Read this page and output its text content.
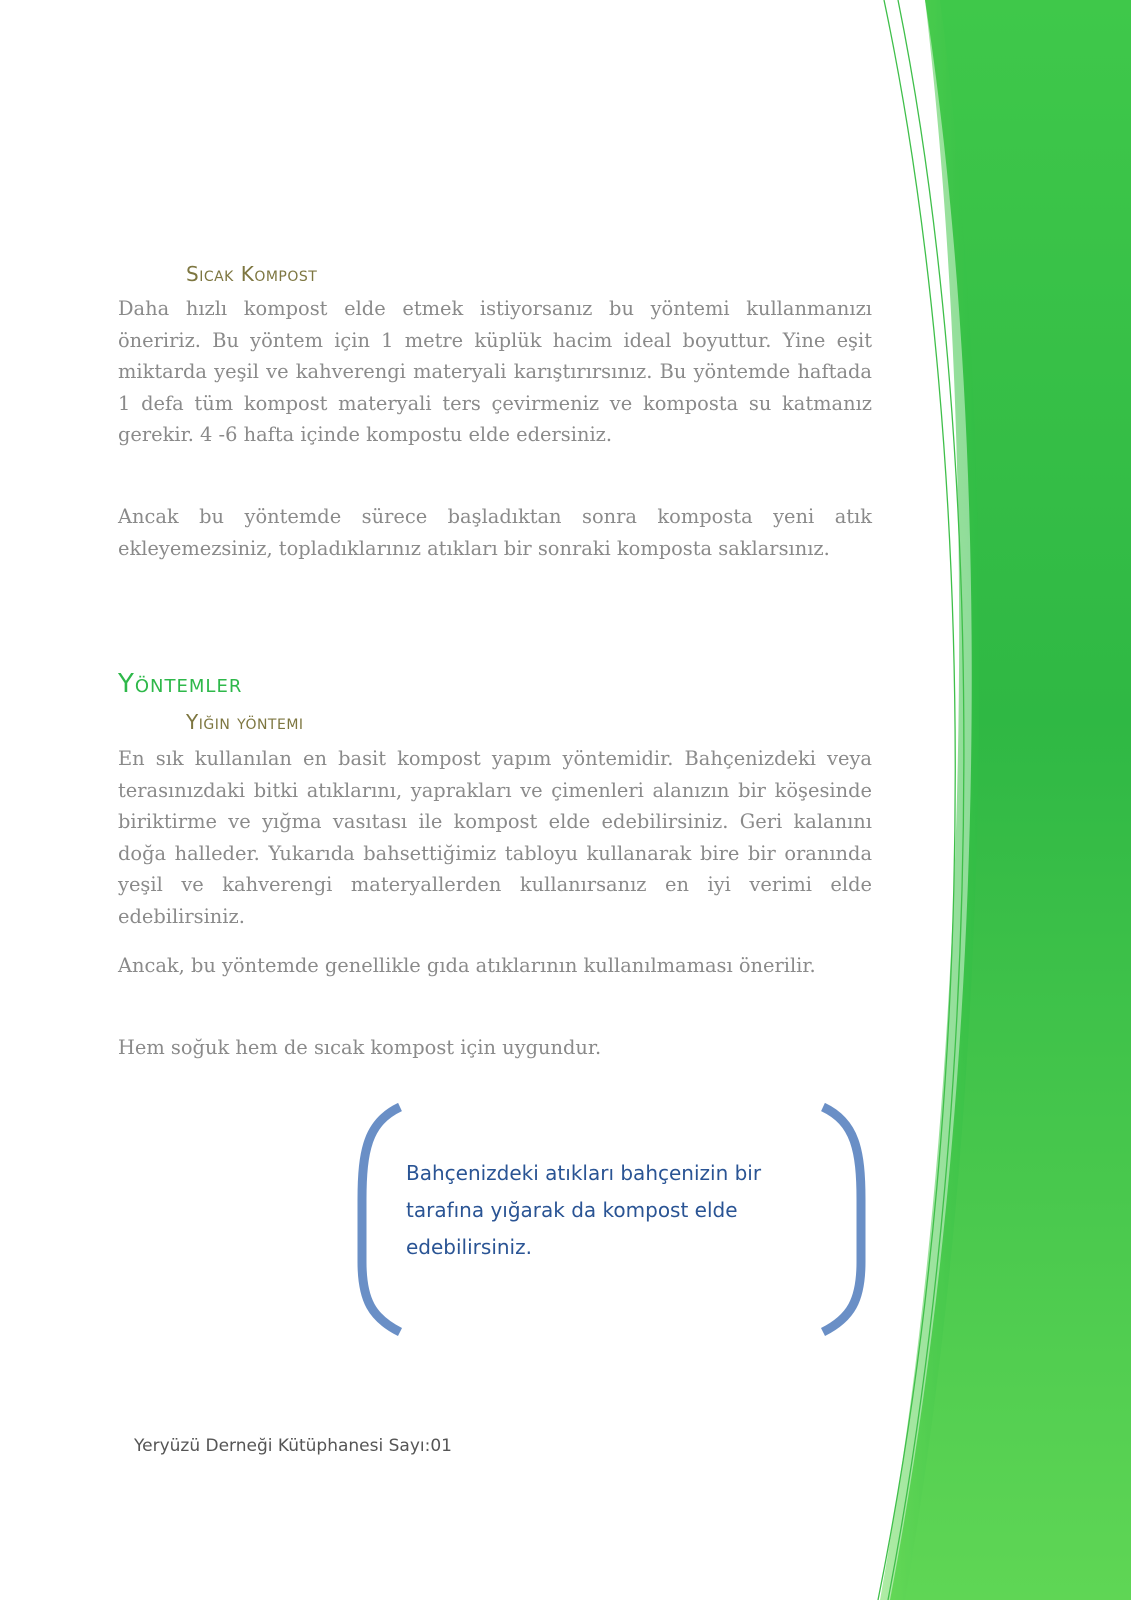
Sıcak Kompost

Daha hızlı kompost elde etmek istiyorsanız bu yöntemi kullanmanızı öneririz. Bu yöntem için 1 metre küplük hacim ideal boyuttur. Yine eşit miktarda yeşil ve kahverengi materyali karıştırırsınız. Bu yöntemde haftada 1 defa tüm kompost materyali ters çevirmeniz ve komposta su katmanız gerekir. 4 -6 hafta içinde kompostu elde edersiniz.

Ancak bu yöntemde sürece başladıktan sonra komposta yeni atık ekleyemezsiniz, topladıklarınız atıkları bir sonraki komposta saklarsınız.

Yöntemler
Yığın yöntemi

En sık kullanılan en basit kompost yapım yöntemidir. Bahçenizdeki veya terasınızdaki bitki atıklarını, yaprakları ve çimenleri alanızın bir köşesinde biriktirme ve yığma vasıtası ile kompost elde edebilirsiniz. Geri kalanını doğa halleder. Yukarıda bahsettiğimiz tabloyu kullanarak bire bir oranında yeşil ve kahverengi materyallerden kullanırsanız en iyi verimi elde edebilirsiniz.

Ancak, bu yöntemde genellikle gıda atıklarının kullanılmaması önerilir.

Hem soğuk hem de sıcak kompost için uygundur.

Bahçenizdeki atıkları bahçenizin bir tarafına yığarak da kompost elde edebilirsiniz.

Yeryüzü Derneği Kütüphanesi Sayı:01
